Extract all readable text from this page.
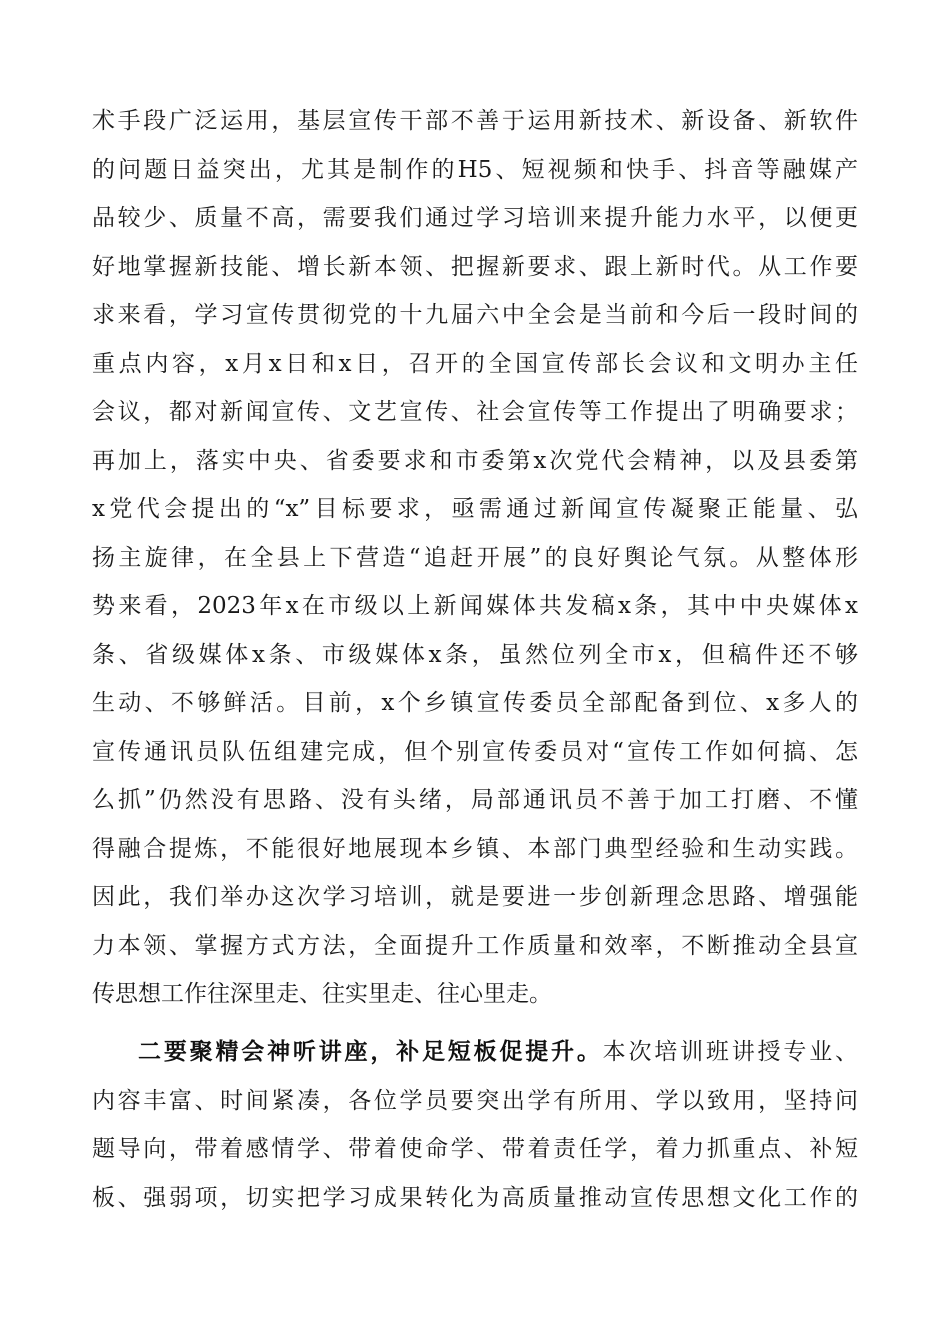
术手段广泛运用，基层宣传干部不善于运用新技术、新设备、新软件

的问题日益突出，尤其是制作的H5、短视频和快手、抖音等融媒产

品较少、质量不高，需要我们通过学习培训来提升能力水平，以便更

好地掌握新技能、增长新本领、把握新要求、跟上新时代。从工作要

求来看，学习宣传贯彻党的十九届六中全会是当前和今后一段时间的

重点内容，x月x日和x日，召开的全国宣传部长会议和文明办主任

会议，都对新闻宣传、文艺宣传、社会宣传等工作提出了明确要求；

再加上，落实中央、省委要求和市委第x次党代会精神，以及县委第

x党代会提出的“x”目标要求，亟需通过新闻宣传凝聚正能量、弘

扬主旋律，在全县上下营造“追赶开展”的良好舆论气氛。从整体形

势来看，2023年x在市级以上新闻媒体共发稿x条，其中中央媒体x

条、省级媒体x条、市级媒体x条，虽然位列全市x，但稿件还不够

生动、不够鲜活。目前，x个乡镇宣传委员全部配备到位、x多人的

宣传通讯员队伍组建完成，但个别宣传委员对“宣传工作如何搞、怎

么抓”仍然没有思路、没有头绪，局部通讯员不善于加工打磨、不懂

得融合提炼，不能很好地展现本乡镇、本部门典型经验和生动实践。

因此，我们举办这次学习培训，就是要进一步创新理念思路、增强能

力本领、掌握方式方法，全面提升工作质量和效率，不断推动全县宣

传思想工作往深里走、往实里走、往心里走。

二要聚精会神听讲座，补足短板促提升。本次培训班讲授专业、

内容丰富、时间紧凑，各位学员要突出学有所用、学以致用，坚持问

题导向，带着感情学、带着使命学、带着责任学，着力抓重点、补短

板、强弱项，切实把学习成果转化为高质量推动宣传思想文化工作的
